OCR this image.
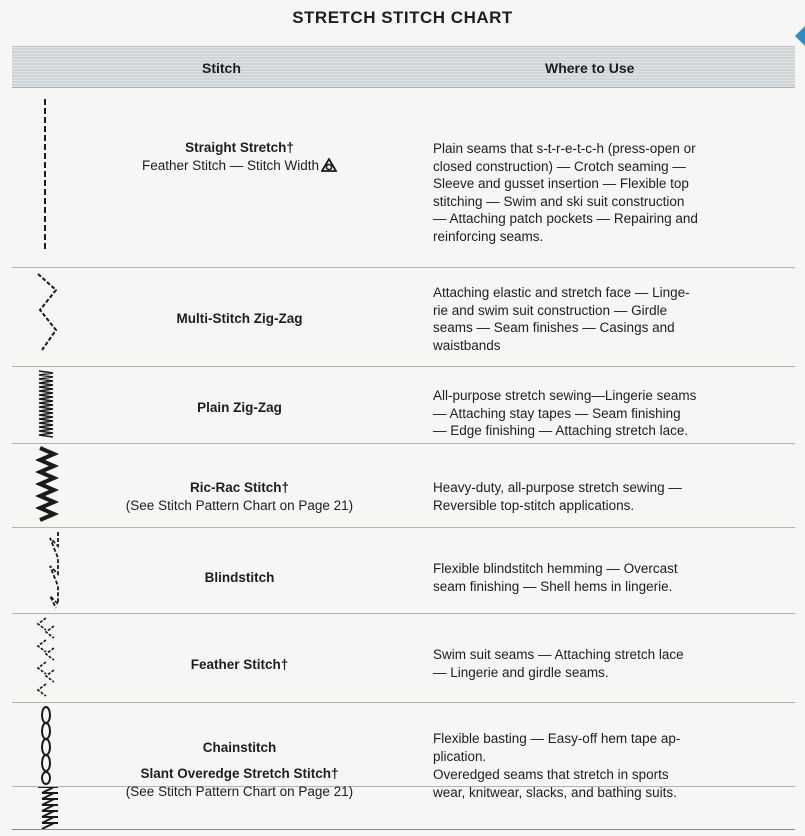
STRETCH STITCH CHART
Stitch	Where to Use
Straight Stretch†
Feather Stitch — Stitch Width
Plain seams that s-t-r-e-t-c-h (press-open or
closed construction) — Crotch seaming —
Sleeve and gusset insertion — Flexible top
stitching — Swim and ski suit construction
— Attaching patch pockets — Repairing and
reinforcing seams.
Multi-Stitch Zig-Zag
Attaching elastic and stretch face — Linge-
rie and swim suit construction — Girdle
seams — Seam finishes — Casings and
waistbands
Plain Zig-Zag
All-purpose stretch sewing—Lingerie seams
— Attaching stay tapes — Seam finishing
— Edge finishing — Attaching stretch lace.
Ric-Rac Stitch†
(See Stitch Pattern Chart on Page 21)
Heavy-duty, all-purpose stretch sewing —
Reversible top-stitch applications.
Blindstitch
Flexible blindstitch hemming — Overcast
seam finishing — Shell hems in lingerie.
Feather Stitch†
Swim suit seams — Attaching stretch lace
— Lingerie and girdle seams.
Chainstitch
Flexible basting — Easy-off hem tape ap-
plication.
Slant Overedge Stretch Stitch†
(See Stitch Pattern Chart on Page 21)
Overedged seams that stretch in sports
wear, knitwear, slacks, and bathing suits.
